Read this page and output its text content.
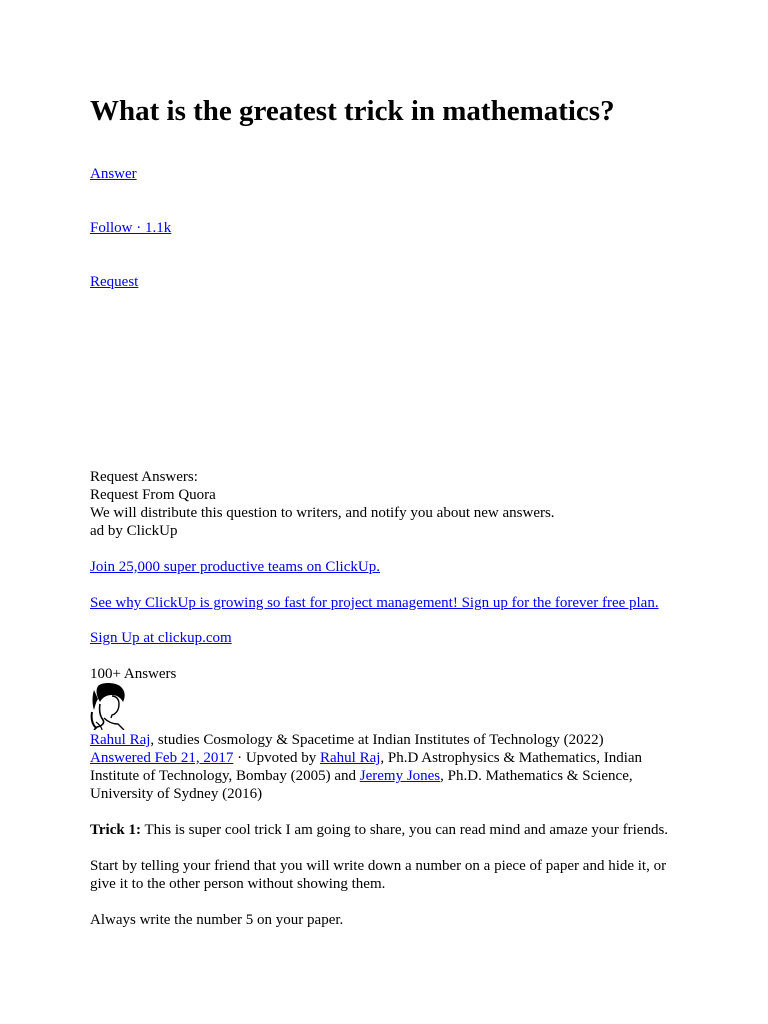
What is the greatest trick in mathematics?
Answer
Follow · 1.1k
Request
Request Answers:
Request From Quora
We will distribute this question to writers, and notify you about new answers.
ad by ClickUp
Join 25,000 super productive teams on ClickUp.
See why ClickUp is growing so fast for project management! Sign up for the forever free plan.
Sign Up at clickup.com
100+ Answers
Rahul Raj, studies Cosmology & Spacetime at Indian Institutes of Technology (2022)
Answered Feb 21, 2017 · Upvoted by Rahul Raj, Ph.D Astrophysics & Mathematics, Indian
Institute of Technology, Bombay (2005) and Jeremy Jones, Ph.D. Mathematics & Science,
University of Sydney (2016)
Trick 1: This is super cool trick I am going to share, you can read mind and amaze your friends.
Start by telling your friend that you will write down a number on a piece of paper and hide it, or
give it to the other person without showing them.
Always write the number 5 on your paper.
